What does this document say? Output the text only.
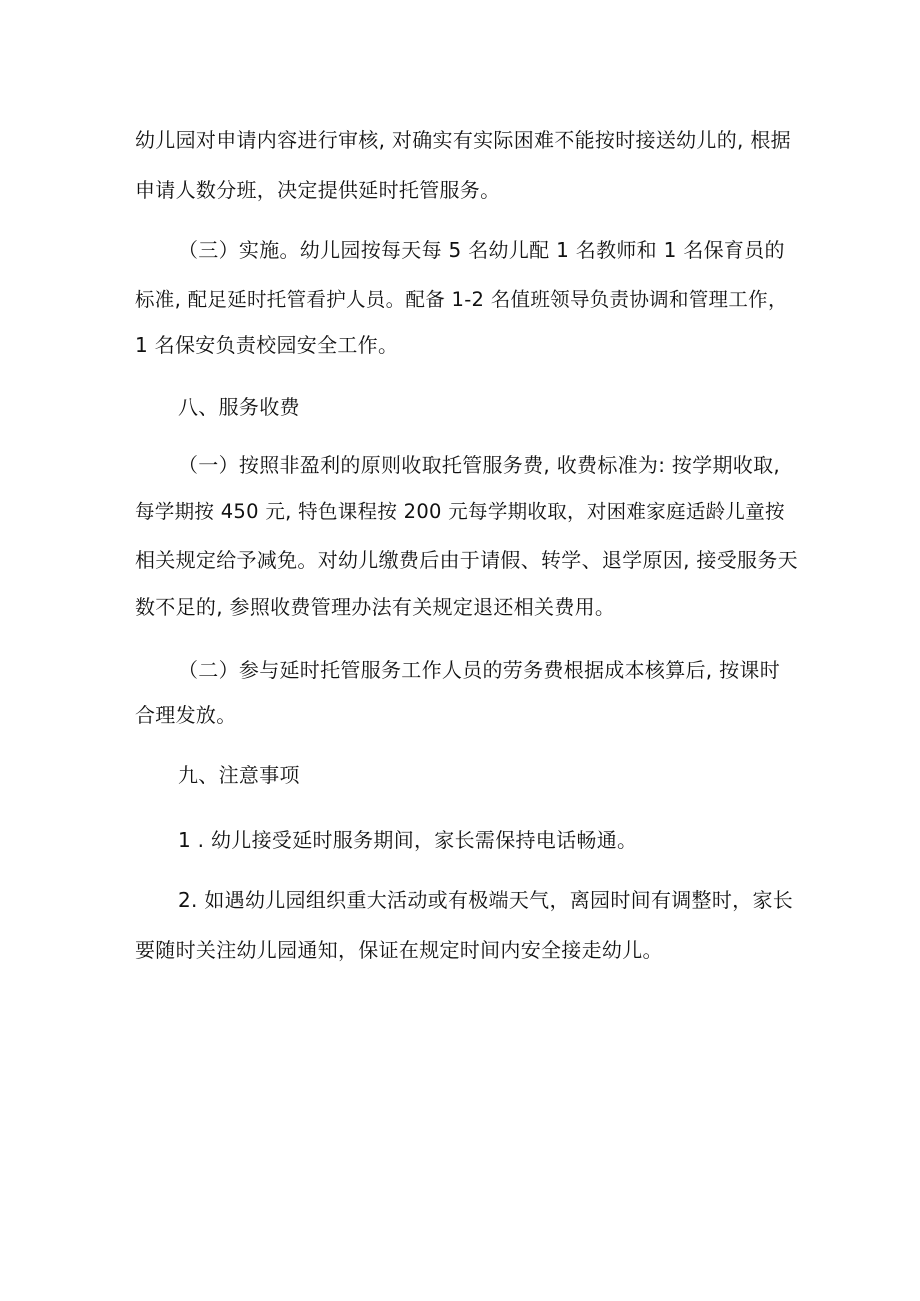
幼儿园对申请内容进行审核, 对确实有实际困难不能按时接送幼儿的, 根据
申请人数分班，决定提供延时托管服务。
（三）实施。幼儿园按每天每 5 名幼儿配 1 名教师和 1 名保育员的
标准, 配足延时托管看护人员。配备 1-2 名值班领导负责协调和管理工作，
1 名保安负责校园安全工作。
八、服务收费
（一）按照非盈利的原则收取托管服务费, 收费标准为: 按学期收取,
每学期按 450 元, 特色课程按 200 元每学期收取，对困难家庭适龄儿童按
相关规定给予减免。对幼儿缴费后由于请假、转学、退学原因, 接受服务天
数不足的, 参照收费管理办法有关规定退还相关费用。
（二）参与延时托管服务工作人员的劳务费根据成本核算后, 按课时
合理发放。
九、注意事项
1 . 幼儿接受延时服务期间，家长需保持电话畅通。
2. 如遇幼儿园组织重大活动或有极端天气，离园时间有调整时，家长
要随时关注幼儿园通知，保证在规定时间内安全接走幼儿。
